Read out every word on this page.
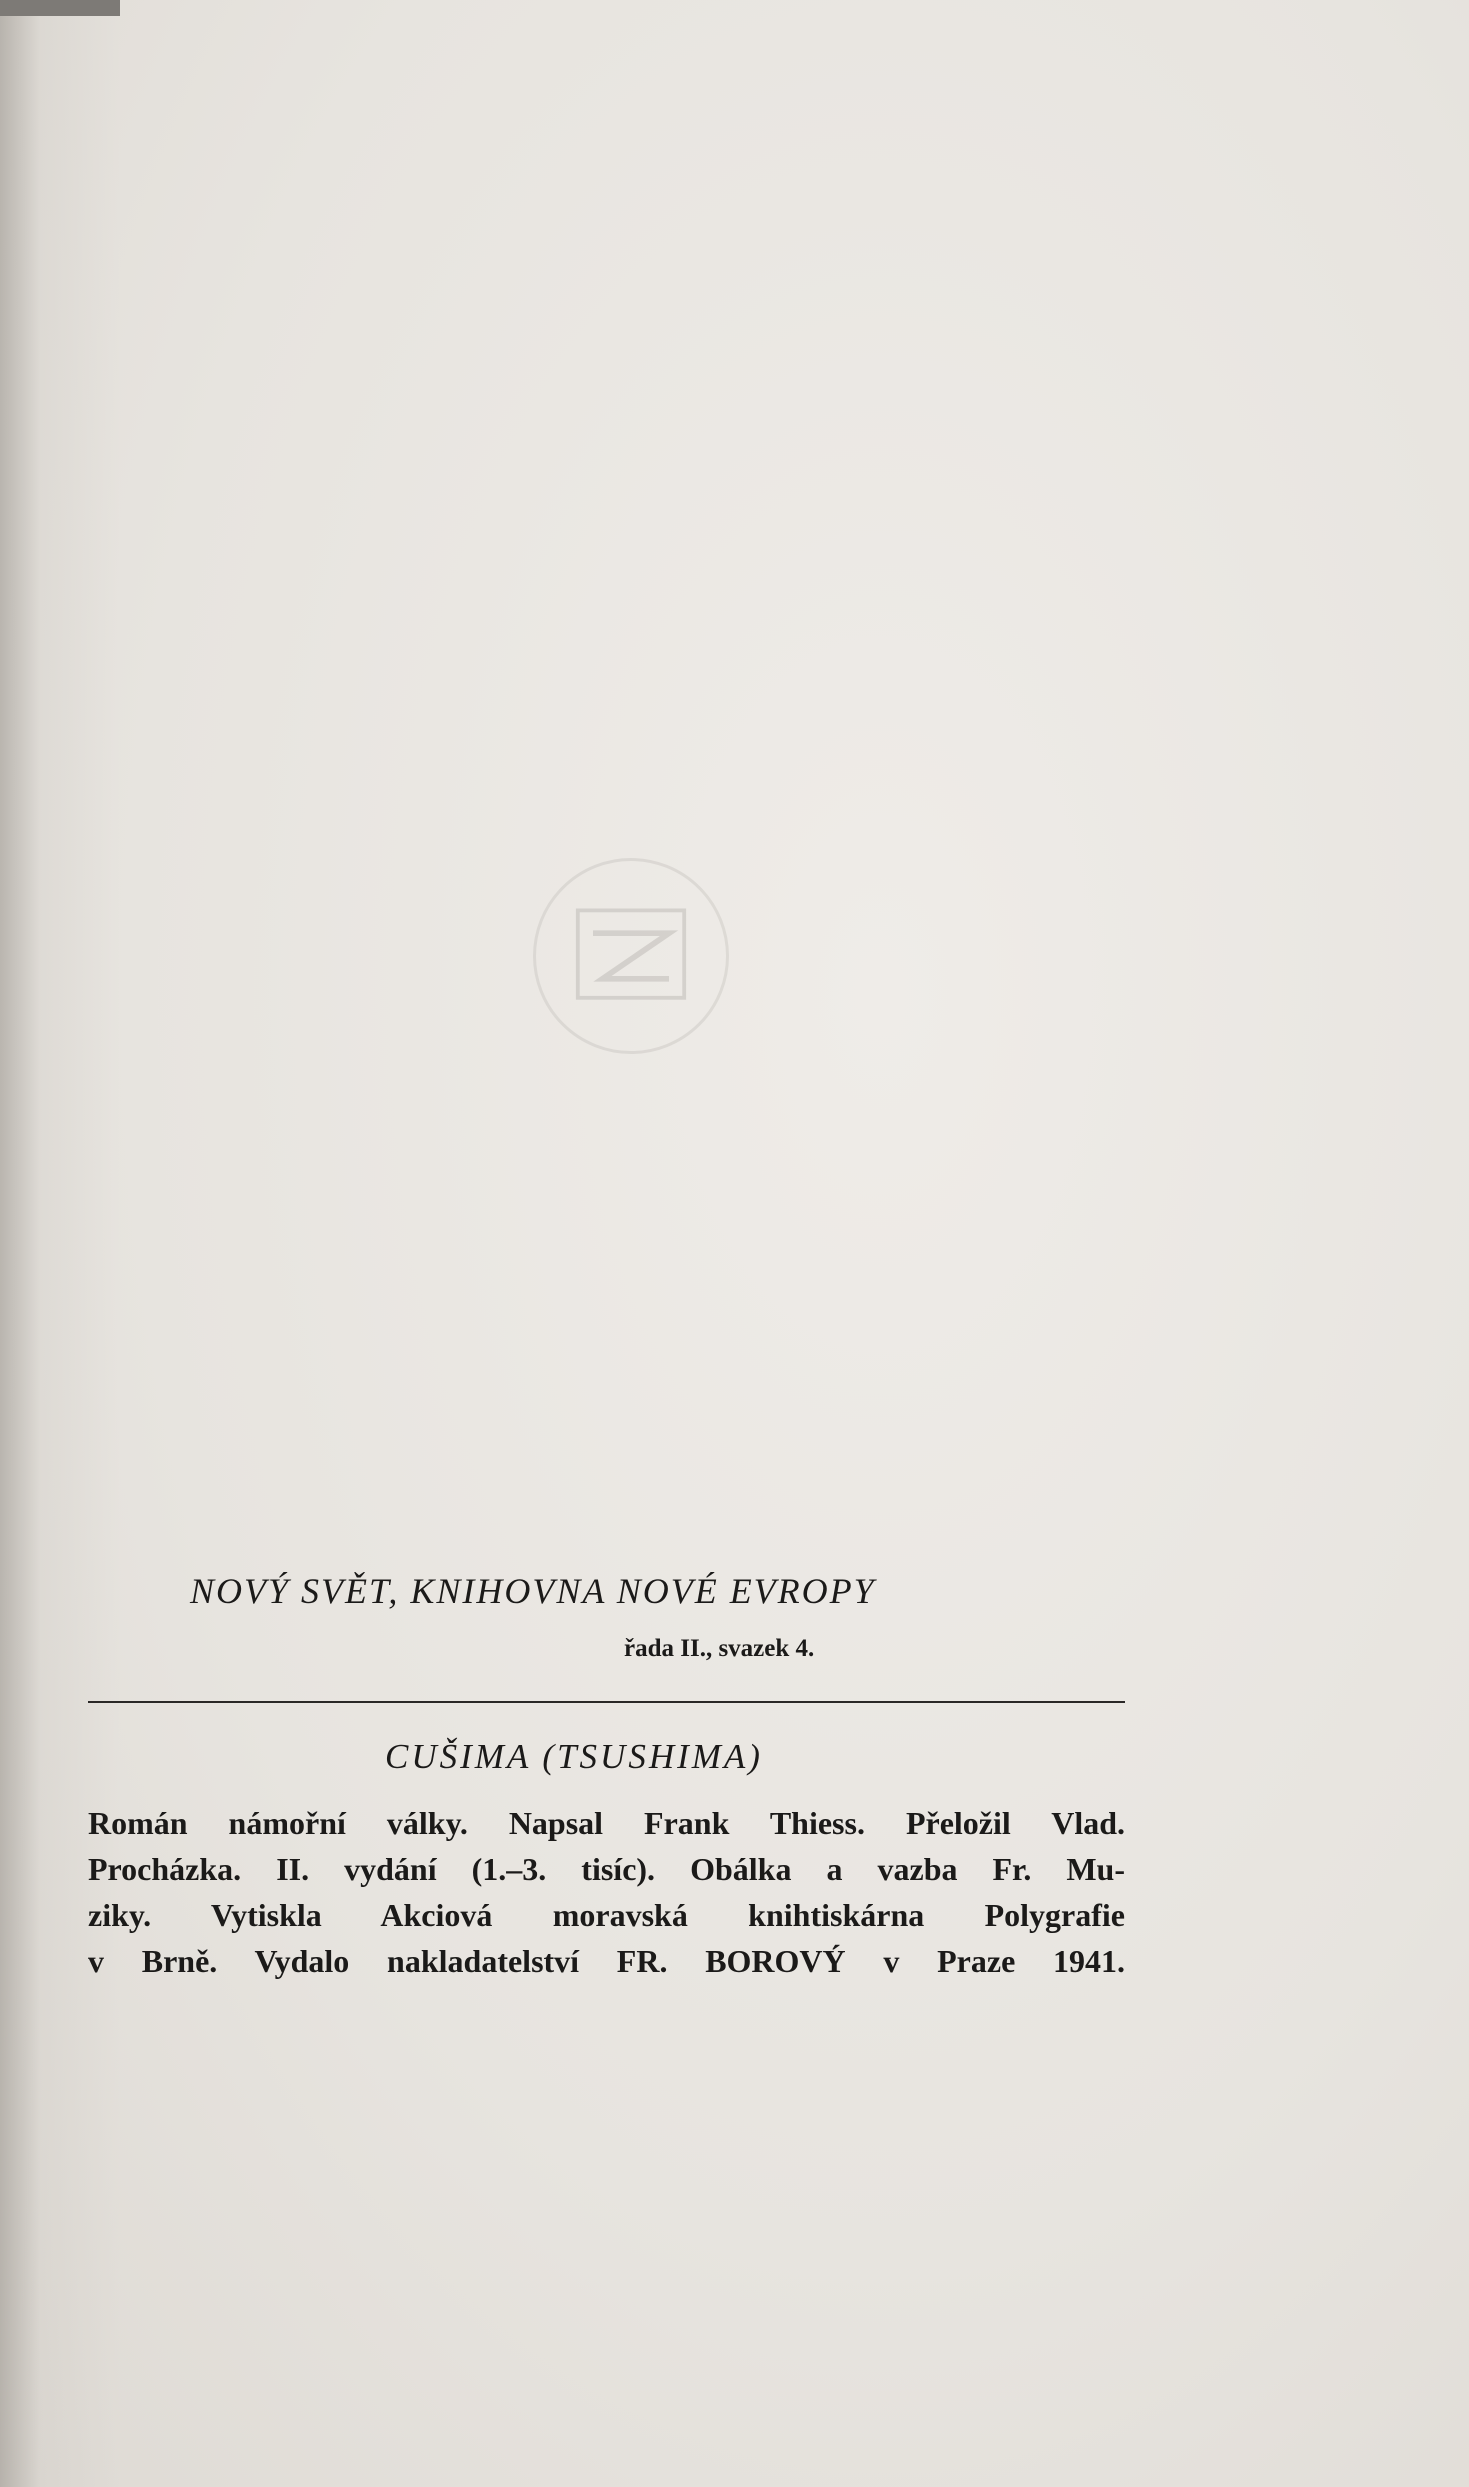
NOVÝ SVĚT, KNIHOVNA NOVÉ EVROPY
řada II., svazek 4.
CUŠIMA (TSUSHIMA)
Román námořní války. Napsal Frank Thiess. Přeložil Vlad.
Procházka. II. vydání (1.–3. tisíc). Obálka a vazba Fr. Mu-
ziky. Vytiskla Akciová moravská knihtiskárna Polygrafie
v Brně. Vydalo nakladatelství FR. BOROVÝ v Praze 1941.
